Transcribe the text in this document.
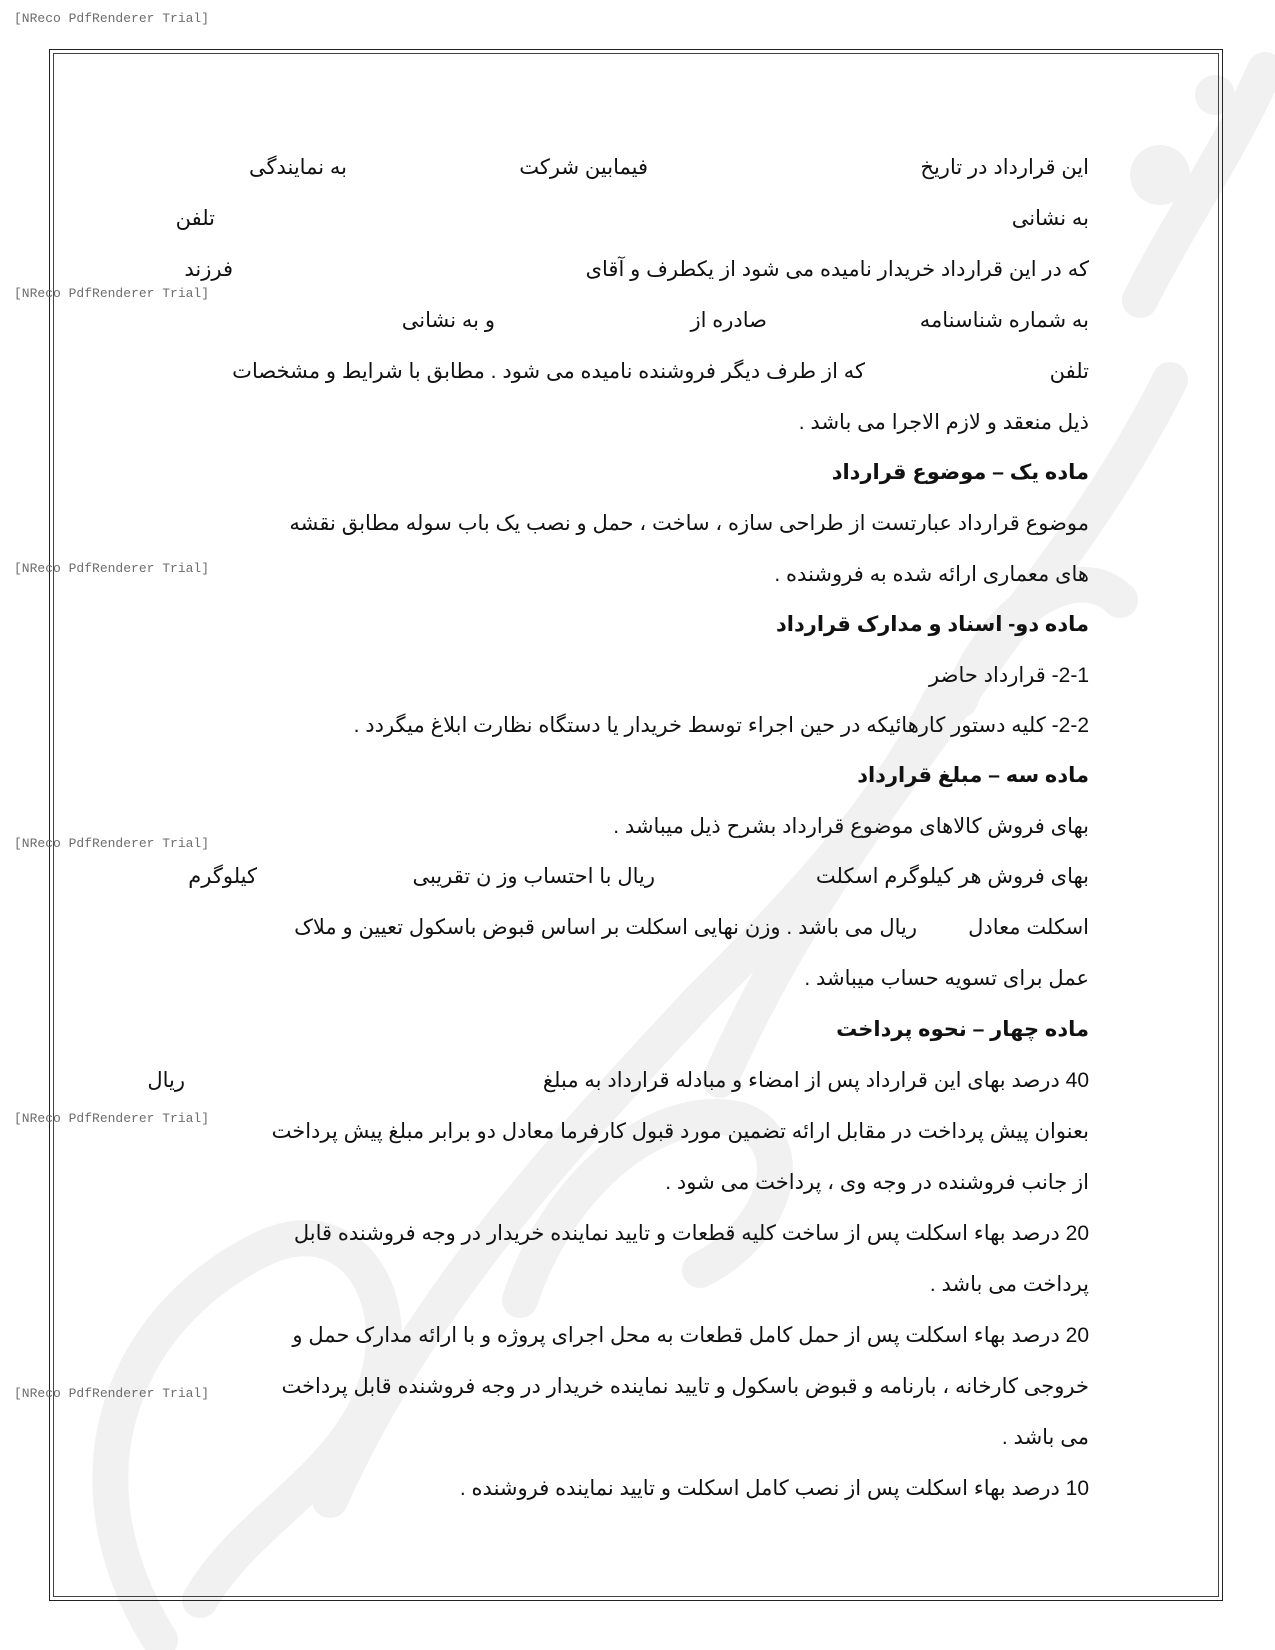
[NReco PdfRenderer Trial]
[NReco PdfRenderer Trial]
[NReco PdfRenderer Trial]
[NReco PdfRenderer Trial]
[NReco PdfRenderer Trial]
[NReco PdfRenderer Trial]
این قرارداد در تاریخ
فیمابین شرکت
به نمایندگی
به نشانی
تلفن
که در این قرارداد خریدار نامیده می شود از یکطرف و آقای
فرزند
به شماره شناسنامه
صادره از
و به نشانی
تلفن
که از طرف دیگر فروشنده نامیده می شود . مطابق با شرایط و مشخصات
ذیل منعقد و لازم الاجرا می باشد .
ماده یک – موضوع قرارداد
موضوع قرارداد عبارتست از طراحی سازه ، ساخت ، حمل و نصب یک باب سوله مطابق نقشه
های معماری ارائه شده به فروشنده .
ماده دو- اسناد و مدارک قرارداد
2-1- قرارداد حاضر
2-2- کلیه دستور کارهائیکه در حین اجراء توسط خریدار یا دستگاه نظارت ابلاغ میگردد .
ماده سه – مبلغ قرارداد
بهای فروش کالاهای موضوع قرارداد بشرح ذیل میباشد .
بهای فروش هر کیلوگرم اسکلت
ریال با احتساب وز ن تقریبی
کیلوگرم
اسکلت معادل
ریال می باشد . وزن نهایی اسکلت بر اساس قبوض باسکول تعیین و ملاک
عمل برای تسویه حساب میباشد .
ماده چهار – نحوه پرداخت
40 درصد بهای این قرارداد پس از امضاء و مبادله قرارداد به مبلغ
ریال
بعنوان پیش پرداخت در مقابل ارائه تضمین مورد قبول کارفرما معادل دو برابر مبلغ پیش پرداخت
از جانب فروشنده در وجه وی ، پرداخت می شود .
20 درصد بهاء اسکلت پس از ساخت کلیه قطعات و تایید نماینده خریدار در وجه فروشنده قابل
پرداخت می باشد .
20 درصد بهاء اسکلت پس از حمل کامل قطعات به محل اجرای پروژه و با ارائه مدارک حمل و
خروجی کارخانه ، بارنامه و قبوض باسکول و تایید نماینده خریدار در وجه فروشنده قابل پرداخت
می باشد .
10 درصد بهاء اسکلت پس از نصب کامل اسکلت و تایید نماینده فروشنده .
